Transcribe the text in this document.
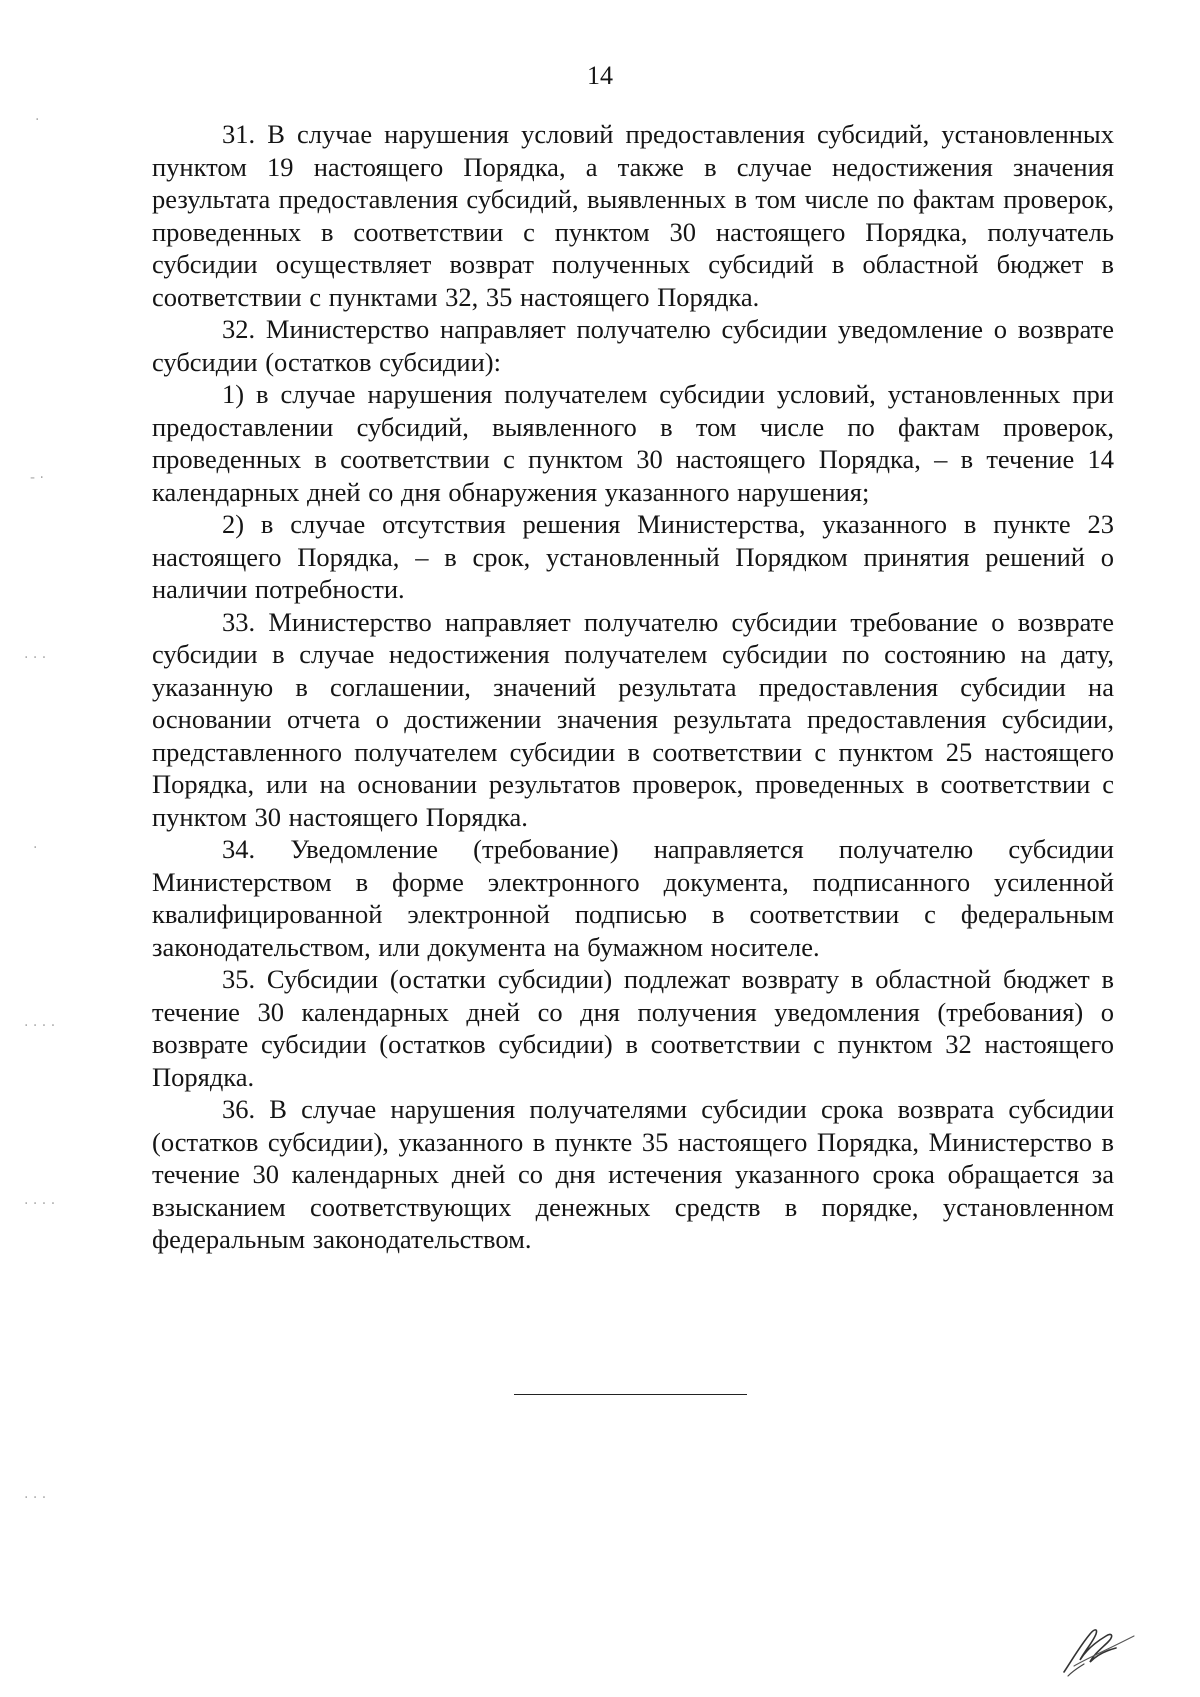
14

31. В случае нарушения условий предоставления субсидий, установленных пунктом 19 настоящего Порядка, а также в случае недостижения значения результата предоставления субсидий, выявленных в том числе по фактам проверок, проведенных в соответствии с пунктом 30 настоящего Порядка, получатель субсидии осуществляет возврат полученных субсидий в областной бюджет в соответствии с пунктами 32, 35 настоящего Порядка.

32. Министерство направляет получателю субсидии уведомление о возврате субсидии (остатков субсидии):

1) в случае нарушения получателем субсидии условий, установленных при предоставлении субсидий, выявленного в том числе по фактам проверок, проведенных в соответствии с пунктом 30 настоящего Порядка, – в течение 14 календарных дней со дня обнаружения указанного нарушения;

2) в случае отсутствия решения Министерства, указанного в пункте 23 настоящего Порядка, – в срок, установленный Порядком принятия решений о наличии потребности.

33. Министерство направляет получателю субсидии требование о возврате субсидии в случае недостижения получателем субсидии по состоянию на дату, указанную в соглашении, значений результата предоставления субсидии на основании отчета о достижении значения результата предоставления субсидии, представленного получателем субсидии в соответствии с пунктом 25 настоящего Порядка, или на основании результатов проверок, проведенных в соответствии с пунктом 30 настоящего Порядка.

34. Уведомление (требование) направляется получателю субсидии Министерством в форме электронного документа, подписанного усиленной квалифицированной электронной подписью в соответствии с федеральным законодательством, или документа на бумажном носителе.

35. Субсидии (остатки субсидии) подлежат возврату в областной бюджет в течение 30 календарных дней со дня получения уведомления (требования) о возврате субсидии (остатков субсидии) в соответствии с пунктом 32 настоящего Порядка.

36. В случае нарушения получателями субсидии срока возврата субсидии (остатков субсидии), указанного в пункте 35 настоящего Порядка, Министерство в течение 30 календарных дней со дня истечения указанного срока обращается за взысканием соответствующих денежных средств в порядке, установленном федеральным законодательством.

·
- ·
· · ·
·
· · · ·
· · · ·
· · ·
